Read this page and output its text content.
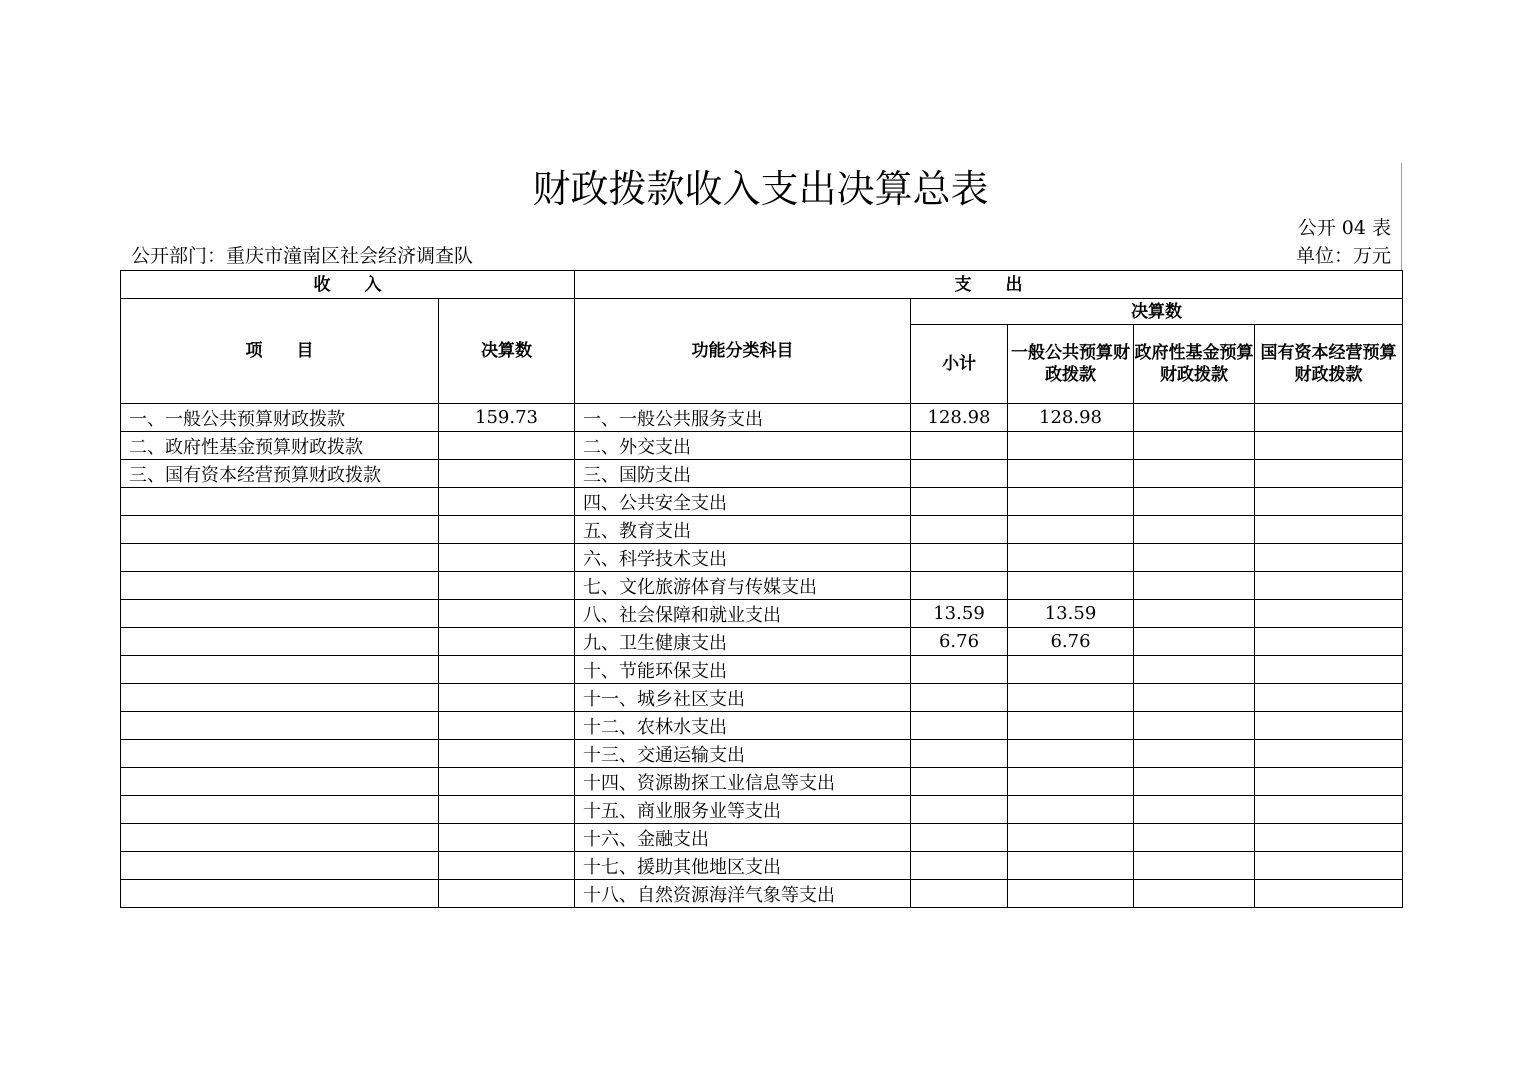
财政拨款收入支出决算总表
公开 04 表
公开部门：重庆市潼南区社会经济调查队	单位：万元
收　　入		支　　出				
项　　目	决算数	功能分类科目	决算数			
			小计	一般公共预算财政拨款	政府性基金预算财政拨款	国有资本经营预算财政拨款
一、一般公共预算财政拨款	159.73	一、一般公共服务支出	128.98	128.98		
二、政府性基金预算财政拨款		二、外交支出				
三、国有资本经营预算财政拨款		三、国防支出				
		四、公共安全支出				
		五、教育支出				
		六、科学技术支出				
		七、文化旅游体育与传媒支出				
		八、社会保障和就业支出	13.59	13.59		
		九、卫生健康支出	6.76	6.76		
		十、节能环保支出				
		十一、城乡社区支出				
		十二、农林水支出				
		十三、交通运输支出				
		十四、资源勘探工业信息等支出				
		十五、商业服务业等支出				
		十六、金融支出				
		十七、援助其他地区支出				
		十八、自然资源海洋气象等支出				
